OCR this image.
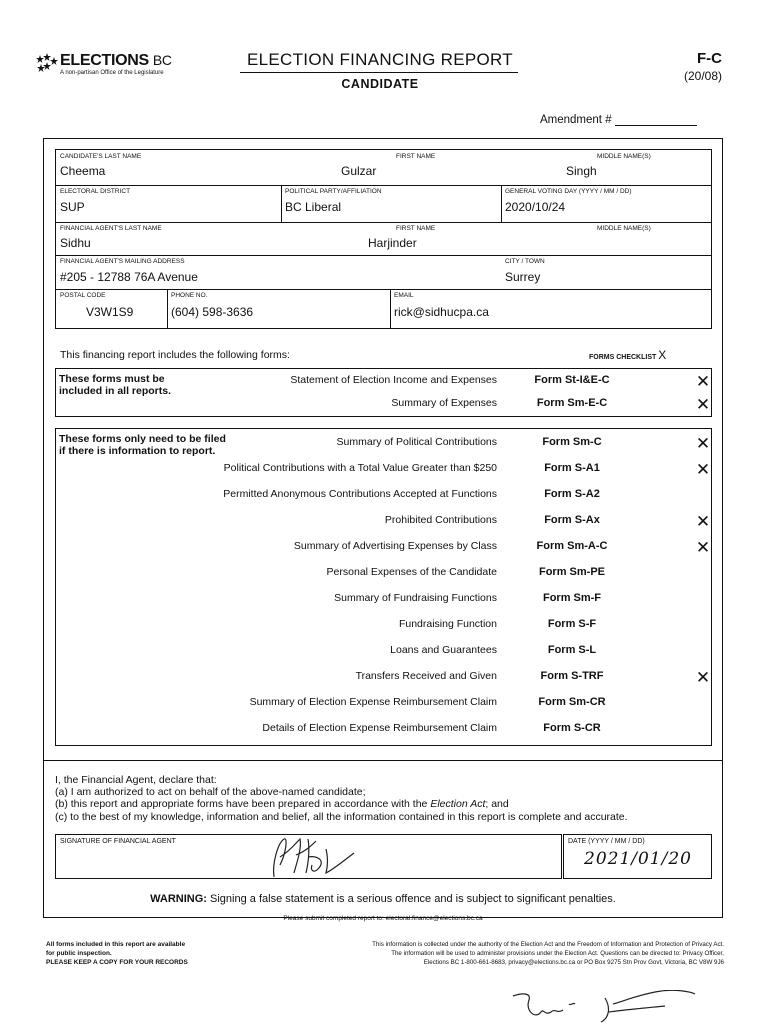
ELECTIONS BC
A non-partisan Office of the Legislature
ELECTION FINANCING REPORT
CANDIDATE
F-C
(20/08)
Amendment #
CANDIDATE'S LAST NAME
Cheema
FIRST NAME
Gulzar
MIDDLE NAME(S)
Singh
ELECTORAL DISTRICT
SUP
POLITICAL PARTY/AFFILIATION
BC Liberal
GENERAL VOTING DAY (YYYY / MM / DD)
2020/10/24
FINANCIAL AGENT'S LAST NAME
Sidhu
FIRST NAME
Harjinder
MIDDLE NAME(S)
FINANCIAL AGENT'S MAILING ADDRESS
#205 - 12788 76A Avenue
CITY / TOWN
Surrey
POSTAL CODE
V3W1S9
PHONE NO.
(604) 598-3636
EMAIL
rick@sidhucpa.ca
This financing report includes the following forms:	FORMS CHECKLIST X
These forms must be
included in all reports.
Statement of Election Income and Expenses	Form St-I&E-C	✕
Summary of Expenses	Form Sm-E-C	✕
These forms only need to be filed
if there is information to report.
Summary of Political Contributions	Form Sm-C	✕
Political Contributions with a Total Value Greater than $250	Form S-A1	✕
Permitted Anonymous Contributions Accepted at Functions	Form S-A2
Prohibited Contributions	Form S-Ax	✕
Summary of Advertising Expenses by Class	Form Sm-A-C	✕
Personal Expenses of the Candidate	Form Sm-PE
Summary of Fundraising Functions	Form Sm-F
Fundraising Function	Form S-F
Loans and Guarantees	Form S-L
Transfers Received and Given	Form S-TRF	✕
Summary of Election Expense Reimbursement Claim	Form Sm-CR
Details of Election Expense Reimbursement Claim	Form S-CR
I, the Financial Agent, declare that:
(a) I am authorized to act on behalf of the above-named candidate;
(b) this report and appropriate forms have been prepared in accordance with the Election Act; and
(c) to the best of my knowledge, information and belief, all the information contained in this report is complete and accurate.
SIGNATURE OF FINANCIAL AGENT	DATE (YYYY / MM / DD)
2021/01/20
WARNING: Signing a false statement is a serious offence and is subject to significant penalties.
Please submit completed report to: electoral.finance@elections.bc.ca
All forms included in this report are available
for public inspection.
PLEASE KEEP A COPY FOR YOUR RECORDS
This information is collected under the authority of the Election Act and the Freedom of Information and Protection of Privacy Act.
The information will be used to administer provisions under the Election Act. Questions can be directed to: Privacy Officer,
Elections BC 1-800-661-8683, privacy@elections.bc.ca or PO Box 9275 Stn Prov Govt, Victoria, BC V8W 9J6
